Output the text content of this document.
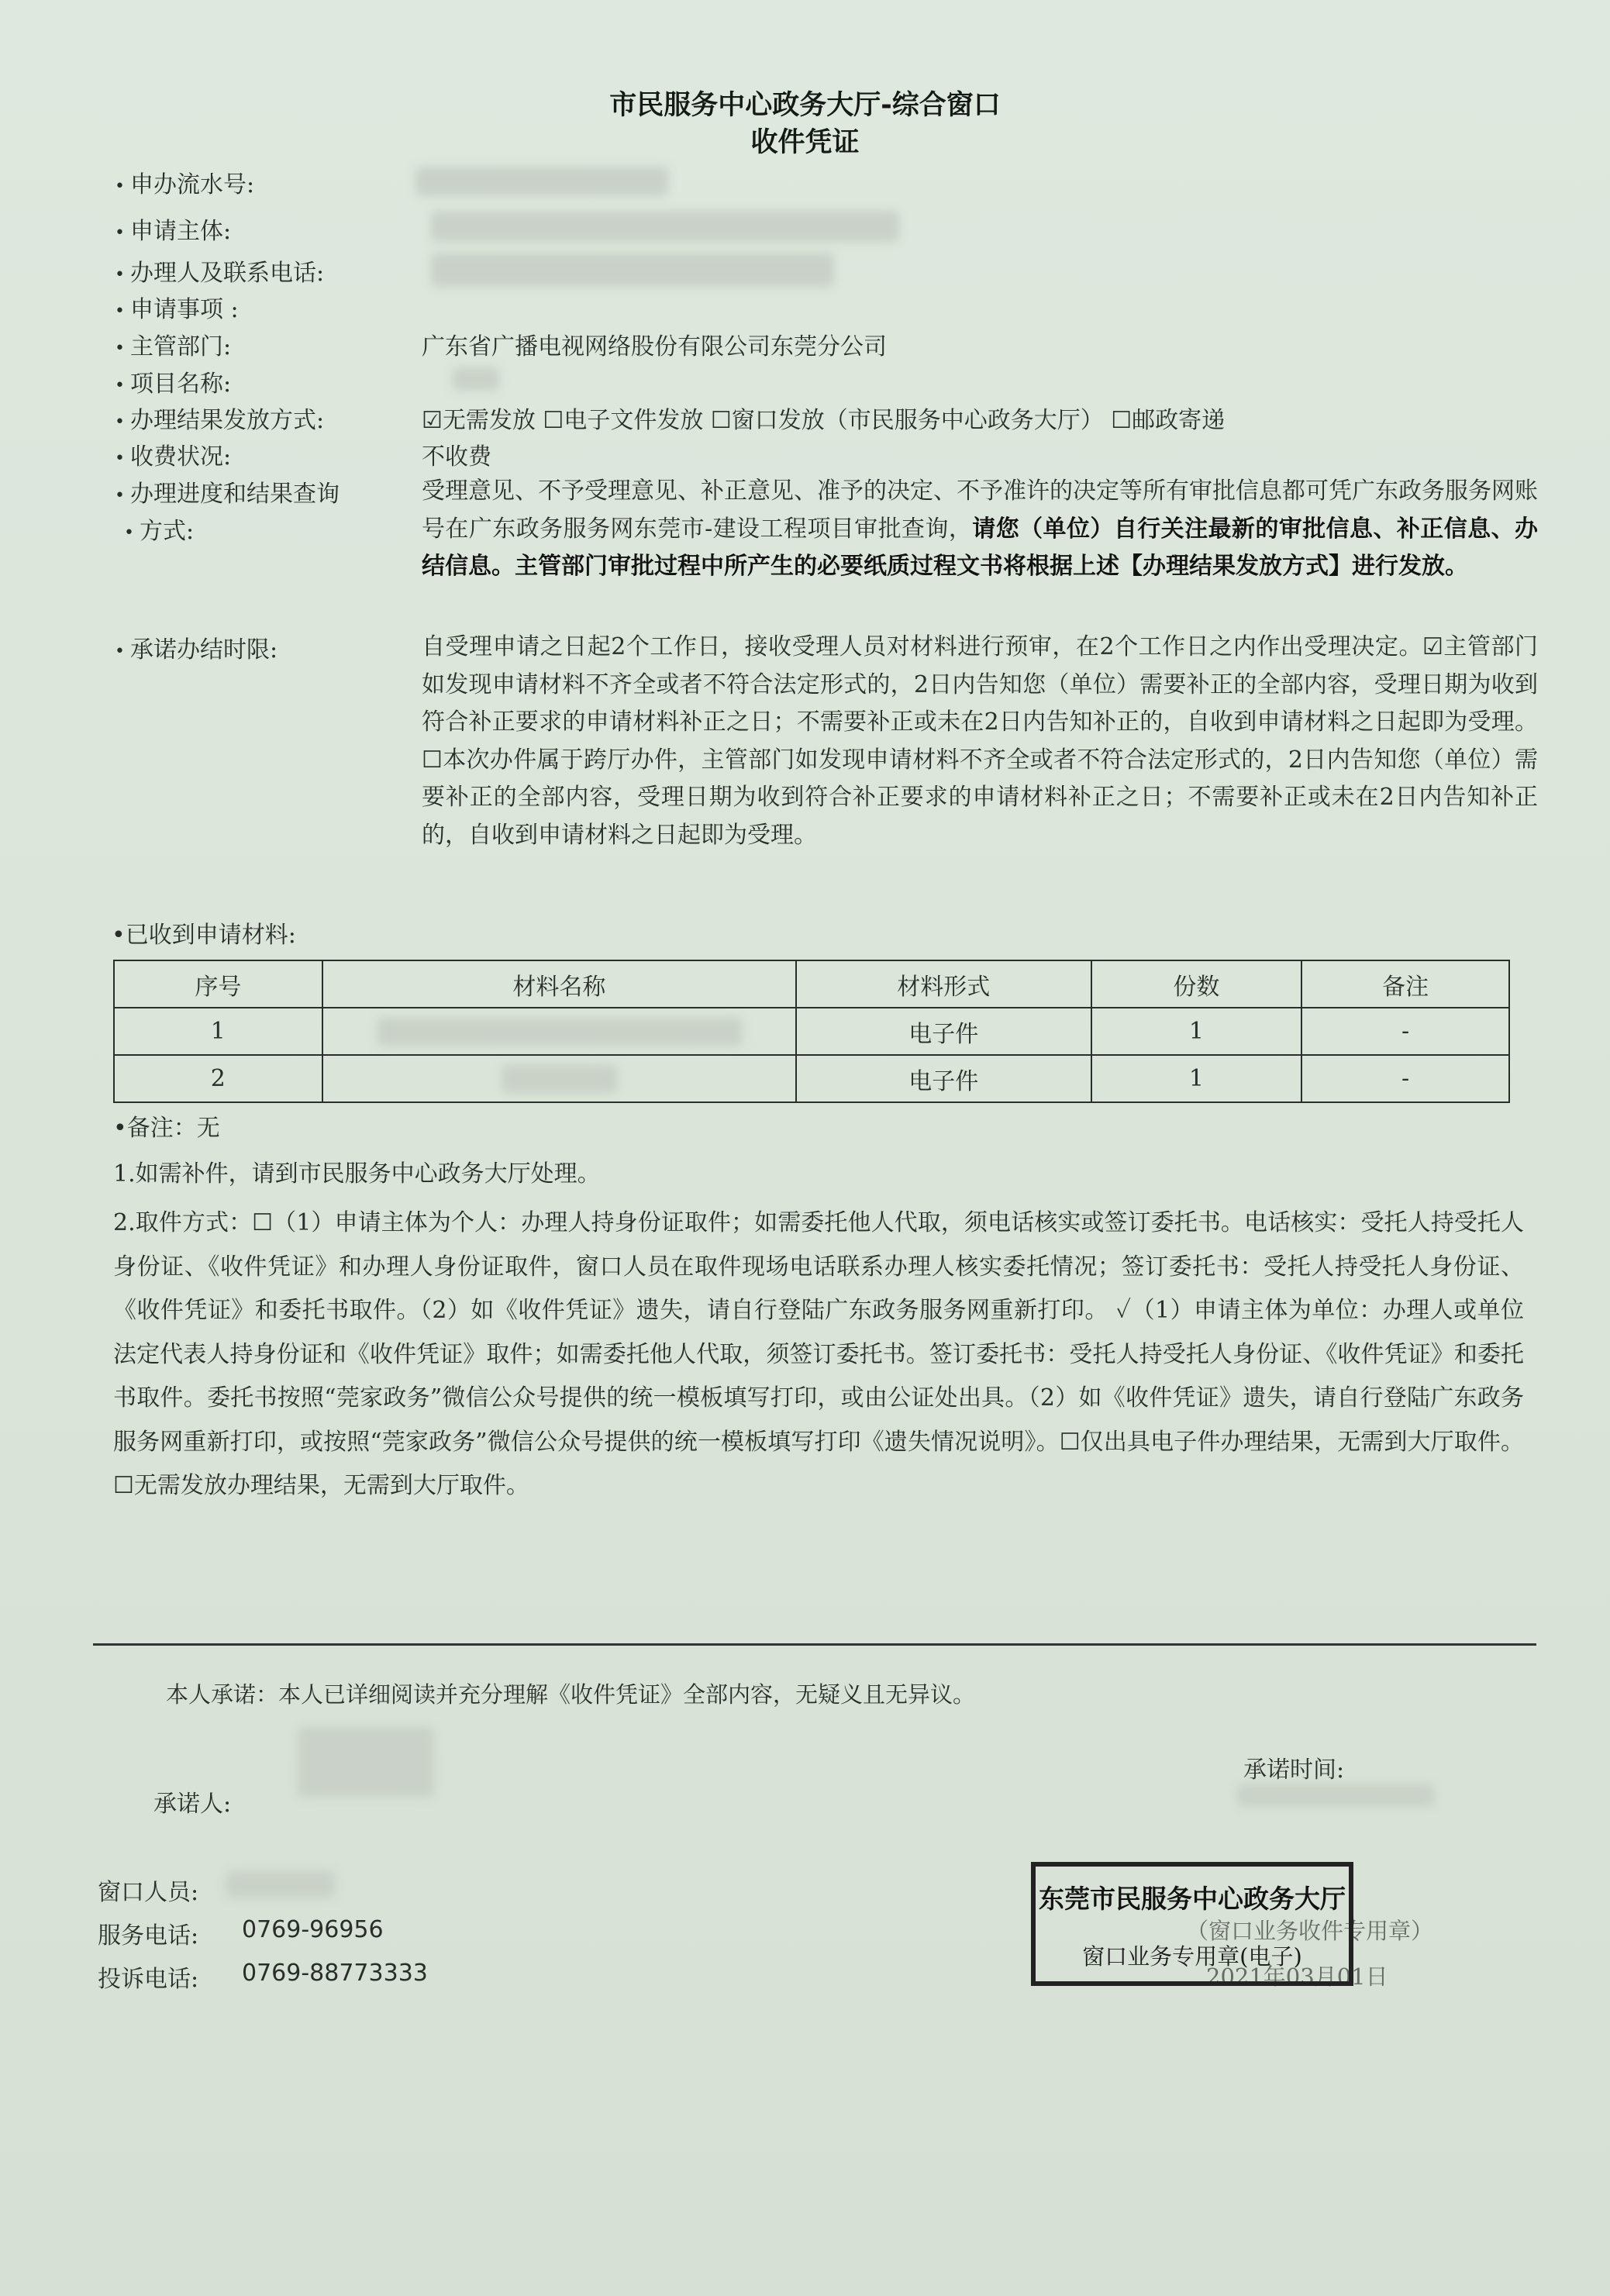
市民服务中心政务大厅-综合窗口
收件凭证
• 申办流水号:
• 申请主体:
• 办理人及联系电话:
• 申请事项 :
• 主管部门:	广东省广播电视网络股份有限公司东莞分公司
• 项目名称:
• 办理结果发放方式:	☑无需发放 ☐电子文件发放 ☐窗口发放（市民服务中心政务大厅） ☐邮政寄递
• 收费状况:	不收费
• 办理进度和结果查询
• 方式:
受理意见、不予受理意见、补正意见、准予的决定、不予准许的决定等所有审批信息都可凭广东政务服务网账号在广东政务服务网东莞市-建设工程项目审批查询，请您（单位）自行关注最新的审批信息、补正信息、办结信息。主管部门审批过程中所产生的必要纸质过程文书将根据上述【办理结果发放方式】进行发放。
• 承诺办结时限:	自受理申请之日起2个工作日，接收受理人员对材料进行预审，在2个工作日之内作出受理决定。☑主管部门如发现申请材料不齐全或者不符合法定形式的，2日内告知您（单位）需要补正的全部内容，受理日期为收到符合补正要求的申请材料补正之日；不需要补正或未在2日内告知补正的，自收到申请材料之日起即为受理。☐本次办件属于跨厅办件，主管部门如发现申请材料不齐全或者不符合法定形式的，2日内告知您（单位）需要补正的全部内容，受理日期为收到符合补正要求的申请材料补正之日；不需要补正或未在2日内告知补正的，自收到申请材料之日起即为受理。
•已收到申请材料:
序号	材料名称	材料形式	份数	备注
1		电子件	1	-
2		电子件	1	-
•备注：无
1.如需补件，请到市民服务中心政务大厅处理。
2.取件方式：☐（1）申请主体为个人：办理人持身份证取件；如需委托他人代取，须电话核实或签订委托书。电话核实：受托人持受托人身份证、《收件凭证》和办理人身份证取件，窗口人员在取件现场电话联系办理人核实委托情况；签订委托书：受托人持受托人身份证、《收件凭证》和委托书取件。（2）如《收件凭证》遗失，请自行登陆广东政务服务网重新打印。 ✓（1）申请主体为单位：办理人或单位法定代表人持身份证和《收件凭证》取件；如需委托他人代取，须签订委托书。签订委托书：受托人持受托人身份证、《收件凭证》和委托书取件。委托书按照“莞家政务”微信公众号提供的统一模板填写打印，或由公证处出具。（2）如《收件凭证》遗失，请自行登陆广东政务服务网重新打印，或按照“莞家政务”微信公众号提供的统一模板填写打印《遗失情况说明》。☐仅出具电子件办理结果，无需到大厅取件。☐无需发放办理结果，无需到大厅取件。
本人承诺：本人已详细阅读并充分理解《收件凭证》全部内容，无疑义且无异议。
承诺时间:
承诺人:
窗口人员:
服务电话: 0769-96956
投诉电话: 0769-88773333
（窗口业务收件专用章）
2021年03月01日
东莞市民服务中心政务大厅
窗口业务专用章(电子)
